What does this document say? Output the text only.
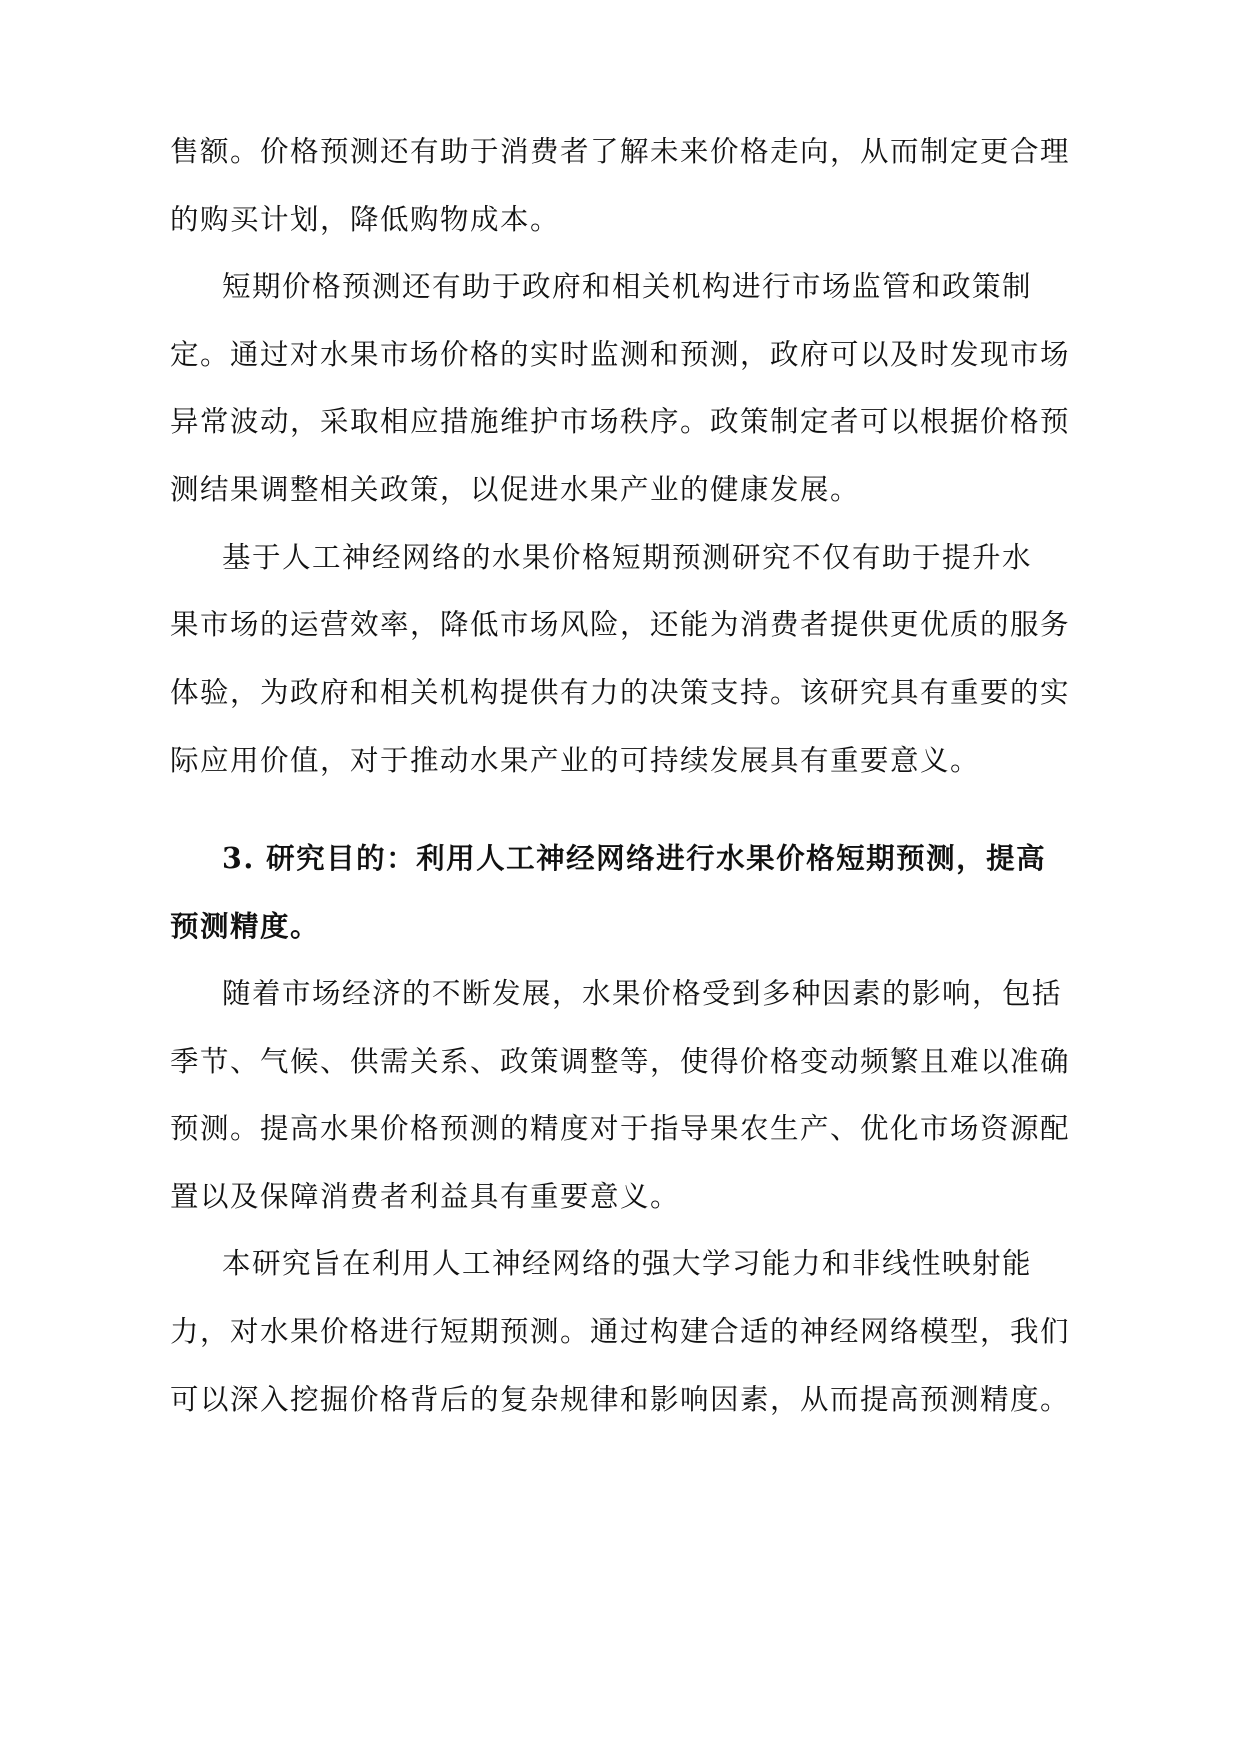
售额。价格预测还有助于消费者了解未来价格走向，从而制定更合理
的购买计划，降低购物成本。
短期价格预测还有助于政府和相关机构进行市场监管和政策制
定。通过对水果市场价格的实时监测和预测，政府可以及时发现市场
异常波动，采取相应措施维护市场秩序。政策制定者可以根据价格预
测结果调整相关政策，以促进水果产业的健康发展。
基于人工神经网络的水果价格短期预测研究不仅有助于提升水
果市场的运营效率，降低市场风险，还能为消费者提供更优质的服务
体验，为政府和相关机构提供有力的决策支持。该研究具有重要的实
际应用价值，对于推动水果产业的可持续发展具有重要意义。
3. 研究目的：利用人工神经网络进行水果价格短期预测，提高
预测精度。
随着市场经济的不断发展，水果价格受到多种因素的影响，包括
季节、气候、供需关系、政策调整等，使得价格变动频繁且难以准确
预测。提高水果价格预测的精度对于指导果农生产、优化市场资源配
置以及保障消费者利益具有重要意义。
本研究旨在利用人工神经网络的强大学习能力和非线性映射能
力，对水果价格进行短期预测。通过构建合适的神经网络模型，我们
可以深入挖掘价格背后的复杂规律和影响因素，从而提高预测精度。
